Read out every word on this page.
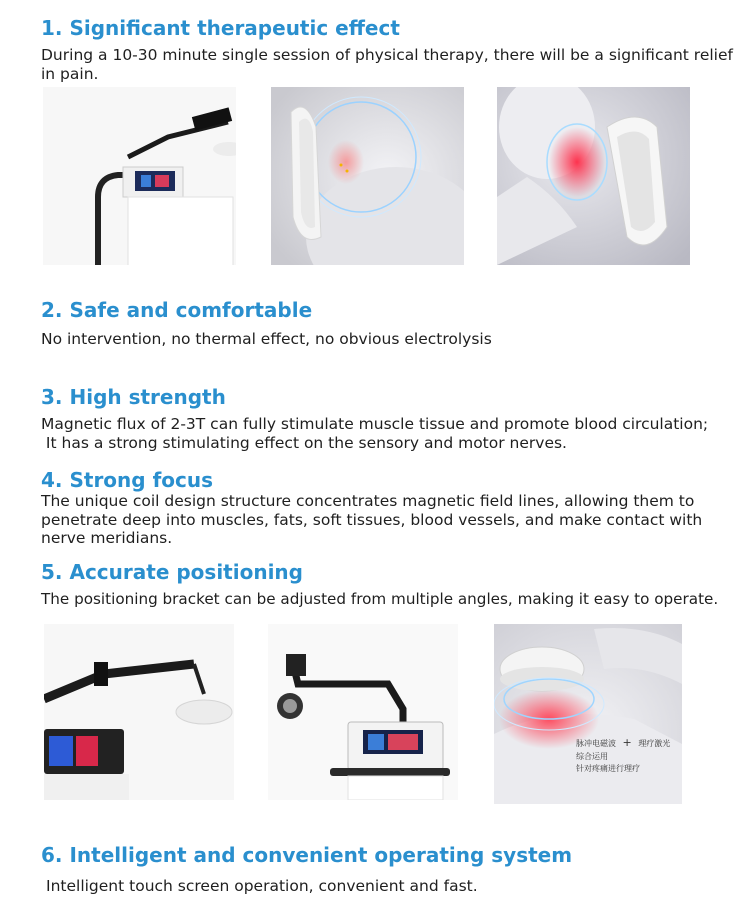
1. Significant therapeutic effect

During a 10-30 minute single session of physical therapy, there will be a significant relief
in pain.

2. Safe and comfortable

No intervention, no thermal effect, no obvious electrolysis

3. High strength

Magnetic flux of 2-3T can fully stimulate muscle tissue and promote blood circulation;
It has a strong stimulating effect on the sensory and motor nerves.

4. Strong focus

The unique coil design structure concentrates magnetic field lines, allowing them to
penetrate deep into muscles, fats, soft tissues, blood vessels, and make contact with
nerve meridians.

5. Accurate positioning

The positioning bracket can be adjusted from multiple angles, making it easy to operate.

脉冲电磁波 + 理疗激光
综合运用
针对疼痛进行理疗
6. Intelligent and convenient operating system

Intelligent touch screen operation, convenient and fast.
